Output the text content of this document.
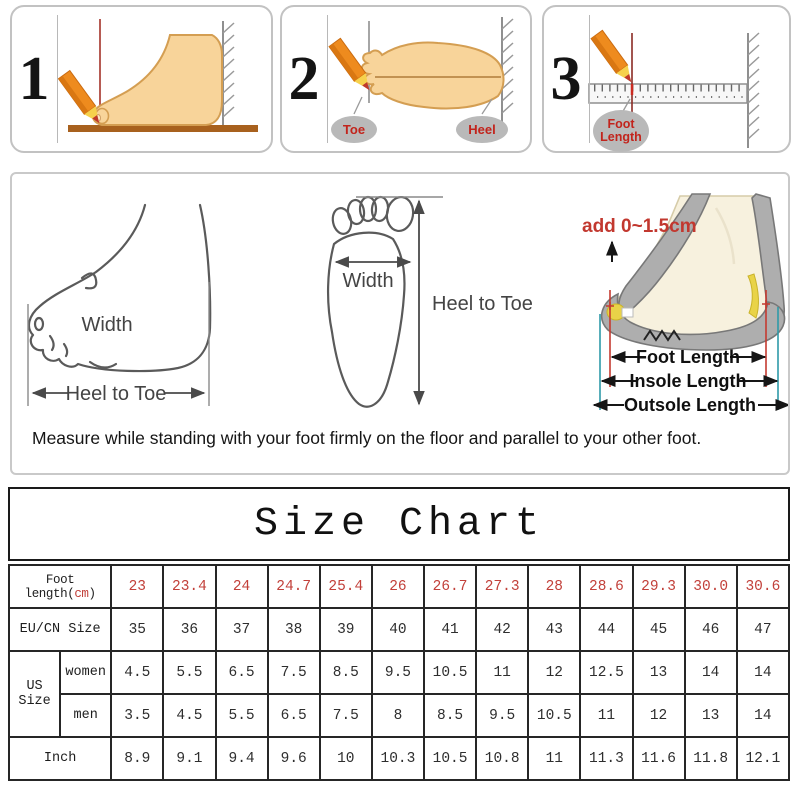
1	2
Toe	Heel
3
Foot
Length
Width
Heel to Toe
Width
Heel to Toe
add 0~1.5cm
Foot Length
Insole Length
Outsole Length
Measure while standing with your foot firmly on the floor and parallel to your other foot.
Size Chart
Foot length(cm)		23	23.4	24	24.7	25.4	26	26.7	27.3	28	28.6	29.3	30.0	30.6
EU/CN Size		35	36	37	38	39	40	41	42	43	44	45	46	47
US Size	women	4.5	5.5	6.5	7.5	8.5	9.5	10.5	11	12	12.5	13	14	14
	men	3.5	4.5	5.5	6.5	7.5	8	8.5	9.5	10.5	11	12	13	14
Inch		8.9	9.1	9.4	9.6	10	10.3	10.5	10.8	11	11.3	11.6	11.8	12.1
